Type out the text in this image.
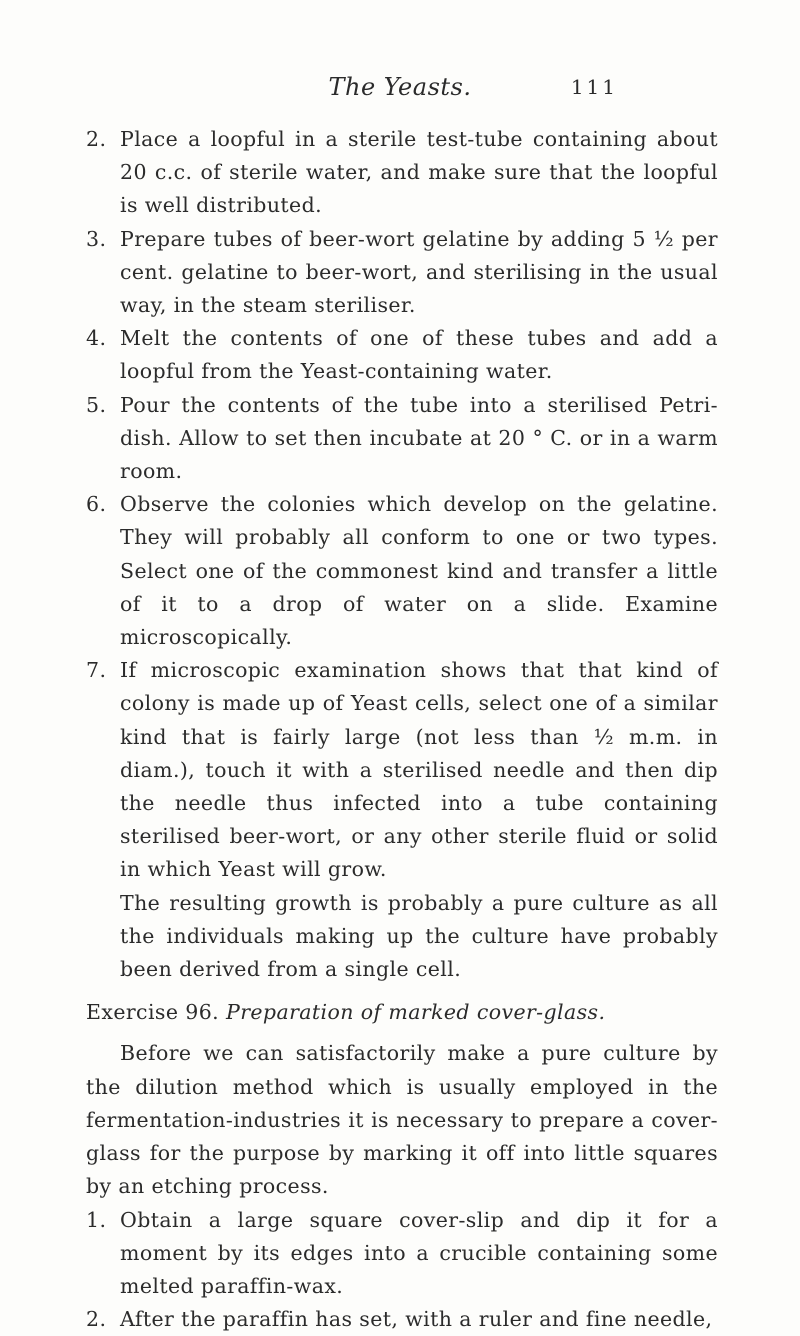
The Yeasts.	111

2. Place a loopful in a sterile test-tube containing about 20 c.c. of sterile water, and make sure that the loopful is well distributed.

3. Prepare tubes of beer-wort gelatine by adding 5 ½ per cent. gelatine to beer-wort, and sterilising in the usual way, in the steam steriliser.

4. Melt the contents of one of these tubes and add a loopful from the Yeast-containing water.

5. Pour the contents of the tube into a sterilised Petri-dish. Allow to set then incubate at 20 ° C. or in a warm room.

6. Observe the colonies which develop on the gelatine. They will probably all conform to one or two types. Select one of the commonest kind and transfer a little of it to a drop of water on a slide. Examine microscopically.

7. If microscopic examination shows that that kind of colony is made up of Yeast cells, select one of a similar kind that is fairly large (not less than ½ m.m. in diam.), touch it with a sterilised needle and then dip the needle thus infected into a tube containing sterilised beer-wort, or any other sterile fluid or solid in which Yeast will grow.

The resulting growth is probably a pure culture as all the individuals making up the culture have probably been derived from a single cell.

Exercise 96. Preparation of marked cover-glass.

Before we can satisfactorily make a pure culture by the dilution method which is usually employed in the fermentation-industries it is necessary to prepare a cover-glass for the purpose by marking it off into little squares by an etching process.

1. Obtain a large square cover-slip and dip it for a moment by its edges into a crucible containing some melted paraffin-wax.

2. After the paraffin has set, with a ruler and fine needle,
